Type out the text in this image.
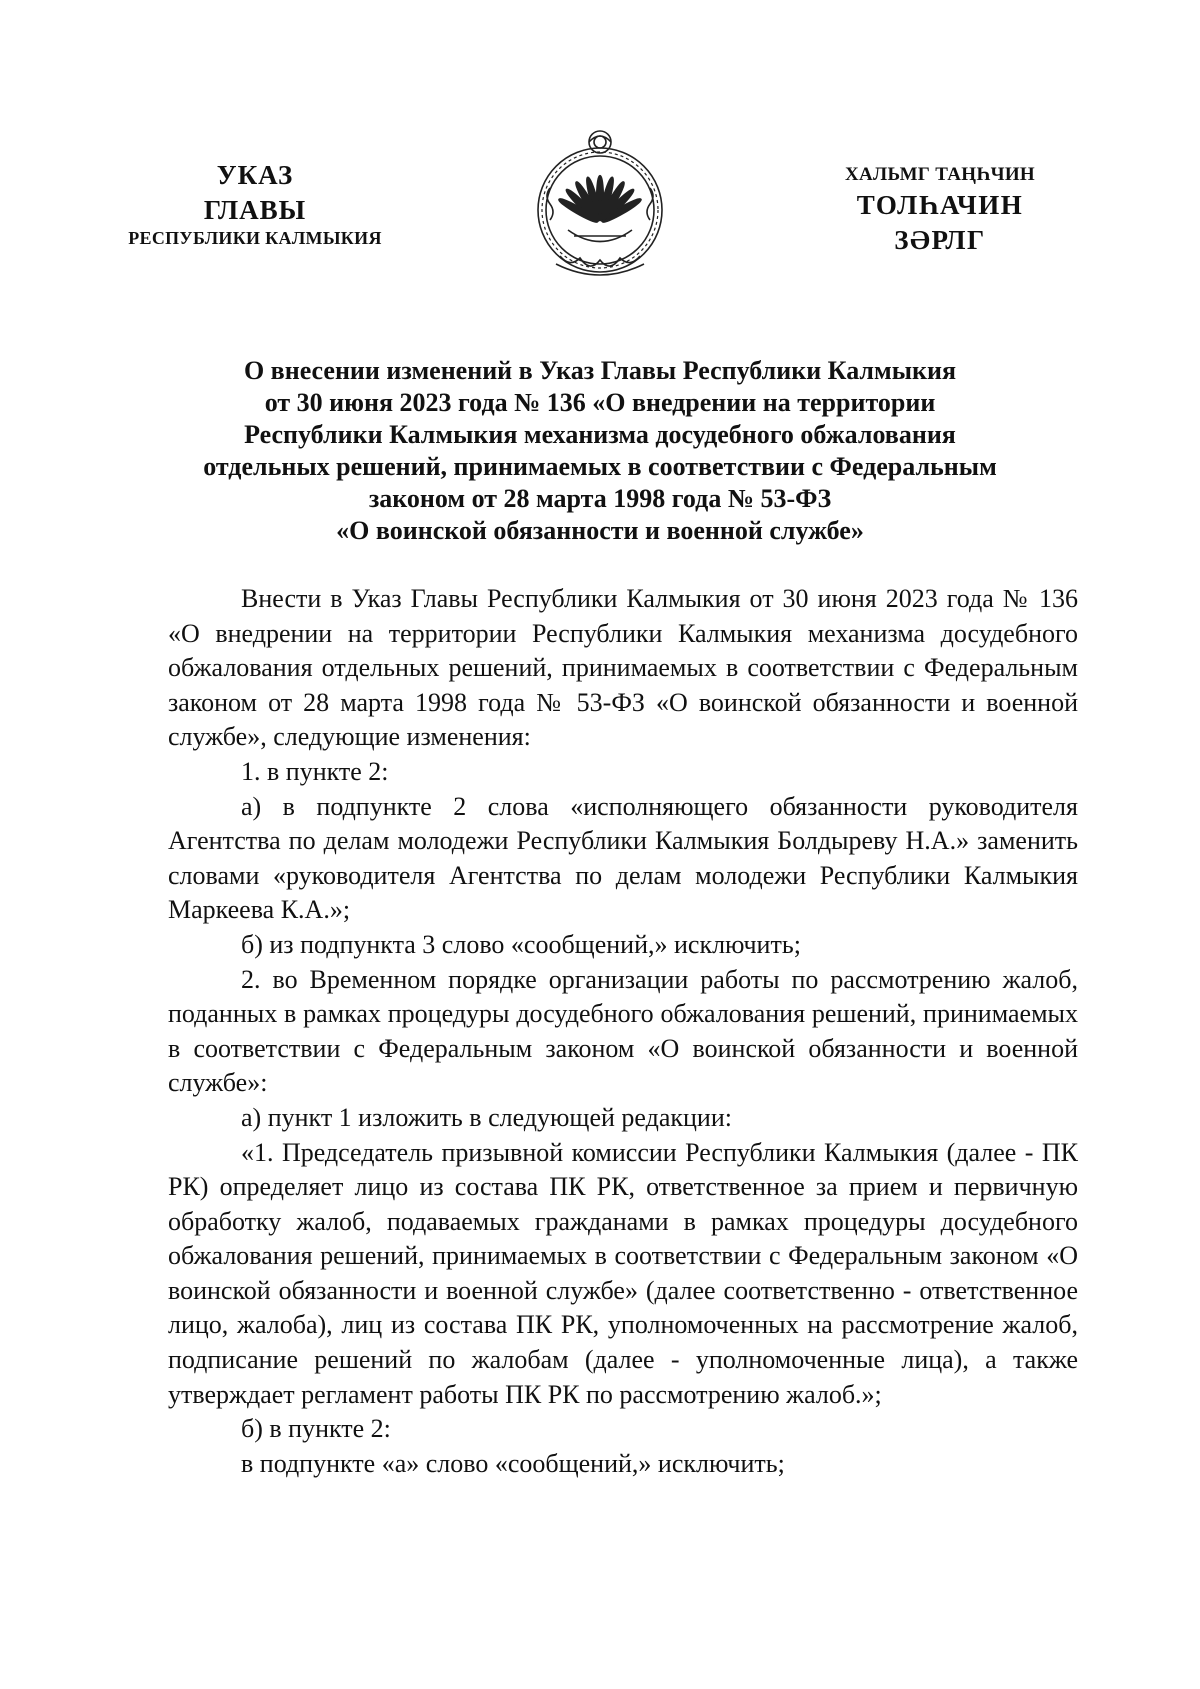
УКАЗ
ГЛАВЫ
РЕСПУБЛИКИ КАЛМЫКИЯ
ХАЛЬМГ ТАҢҺЧИН
ТОЛҺАЧИН
ЗӘРЛГ
О внесении изменений в Указ Главы Республики Калмыкия
от 30 июня 2023 года № 136 «О внедрении на территории
Республики Калмыкия механизма досудебного обжалования
отдельных решений, принимаемых в соответствии с Федеральным
законом от 28 марта 1998 года № 53-ФЗ
«О воинской обязанности и военной службе»

Внести в Указ Главы Республики Калмыкия от 30 июня 2023 года № 136 «О внедрении на территории Республики Калмыкия механизма досудебного обжалования отдельных решений, принимаемых в соответствии с Федеральным законом от 28 марта 1998 года № 53-ФЗ «О воинской обязанности и военной службе», следующие изменения:

1. в пункте 2:

а) в подпункте 2 слова «исполняющего обязанности руководителя Агентства по делам молодежи Республики Калмыкия Болдыреву Н.А.» заменить словами «руководителя Агентства по делам молодежи Республики Калмыкия Маркеева К.А.»;

б) из подпункта 3 слово «сообщений,» исключить;

2. во Временном порядке организации работы по рассмотрению жалоб, поданных в рамках процедуры досудебного обжалования решений, принимаемых в соответствии с Федеральным законом «О воинской обязанности и военной службе»:

а) пункт 1 изложить в следующей редакции:

«1. Председатель призывной комиссии Республики Калмыкия (далее - ПК РК) определяет лицо из состава ПК РК, ответственное за прием и первичную обработку жалоб, подаваемых гражданами в рамках процедуры досудебного обжалования решений, принимаемых в соответствии с Федеральным законом «О воинской обязанности и военной службе» (далее соответственно - ответственное лицо, жалоба), лиц из состава ПК РК, уполномоченных на рассмотрение жалоб, подписание решений по жалобам (далее - уполномоченные лица), а также утверждает регламент работы ПК РК по рассмотрению жалоб.»;

б) в пункте 2:

в подпункте «а» слово «сообщений,» исключить;
